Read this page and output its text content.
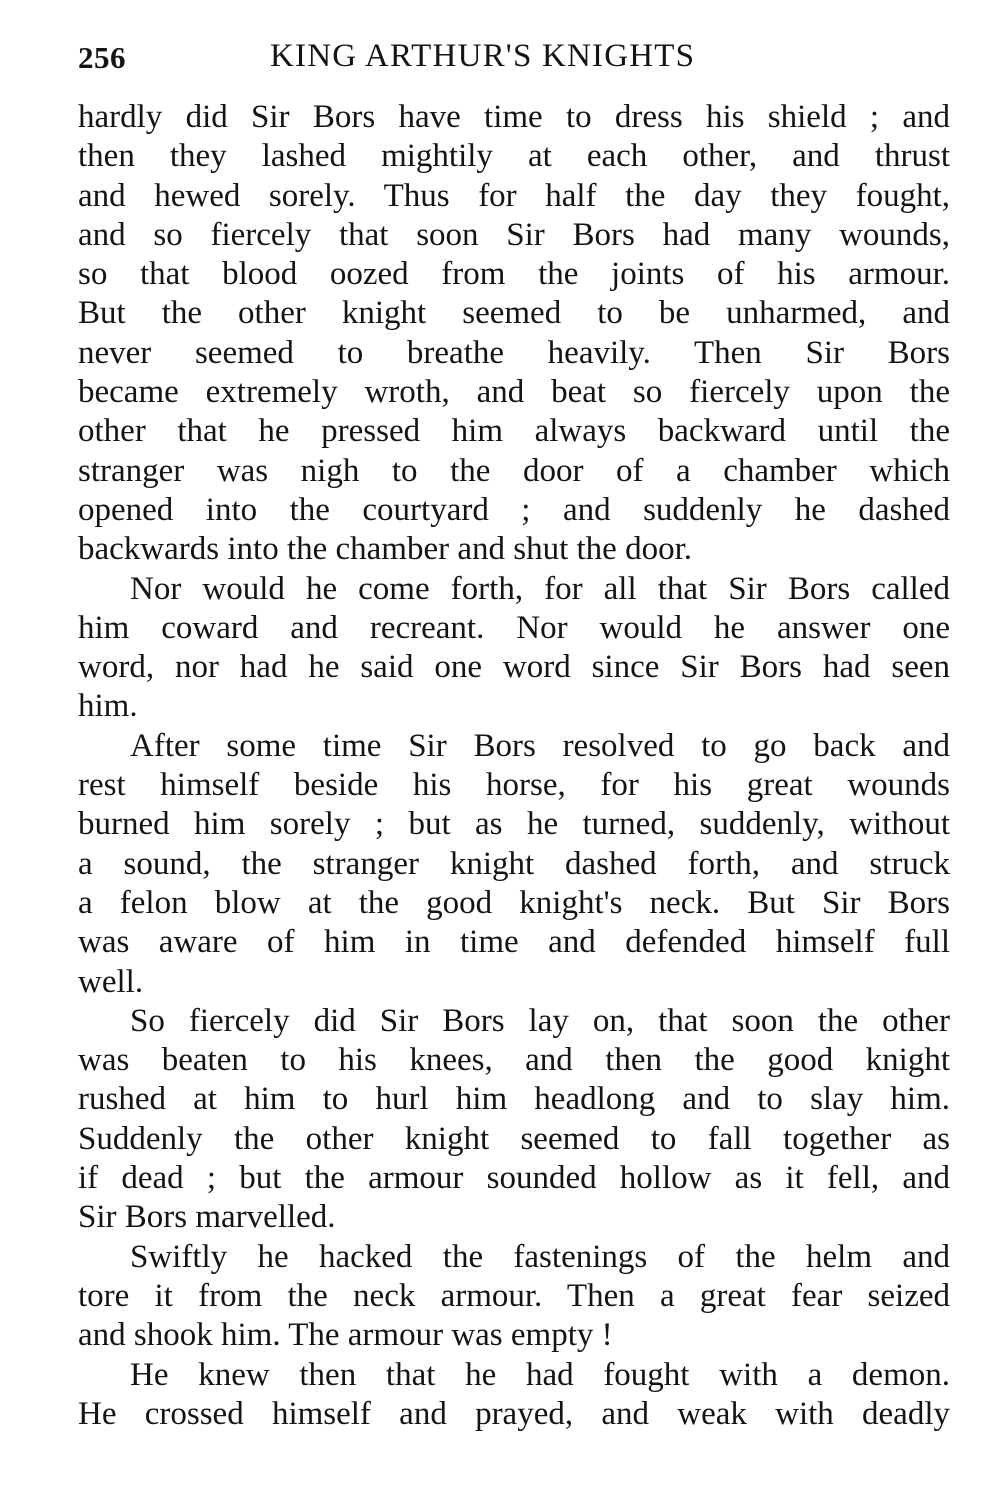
256	KING ARTHUR'S KNIGHTS
hardly did Sir Bors have time to dress his shield ; and
then they lashed mightily at each other, and thrust
and hewed sorely. Thus for half the day they fought,
and so fiercely that soon Sir Bors had many wounds,
so that blood oozed from the joints of his armour.
But the other knight seemed to be unharmed, and
never seemed to breathe heavily. Then Sir Bors
became extremely wroth, and beat so fiercely upon the
other that he pressed him always backward until the
stranger was nigh to the door of a chamber which
opened into the courtyard ; and suddenly he dashed
backwards into the chamber and shut the door.
Nor would he come forth, for all that Sir Bors called
him coward and recreant. Nor would he answer one
word, nor had he said one word since Sir Bors had seen
him.
After some time Sir Bors resolved to go back and
rest himself beside his horse, for his great wounds
burned him sorely ; but as he turned, suddenly, without
a sound, the stranger knight dashed forth, and struck
a felon blow at the good knight's neck. But Sir Bors
was aware of him in time and defended himself full
well.
So fiercely did Sir Bors lay on, that soon the other
was beaten to his knees, and then the good knight
rushed at him to hurl him headlong and to slay him.
Suddenly the other knight seemed to fall together as
if dead ; but the armour sounded hollow as it fell, and
Sir Bors marvelled.
Swiftly he hacked the fastenings of the helm and
tore it from the neck armour. Then a great fear seized
and shook him. The armour was empty !
He knew then that he had fought with a demon.
He crossed himself and prayed, and weak with deadly
